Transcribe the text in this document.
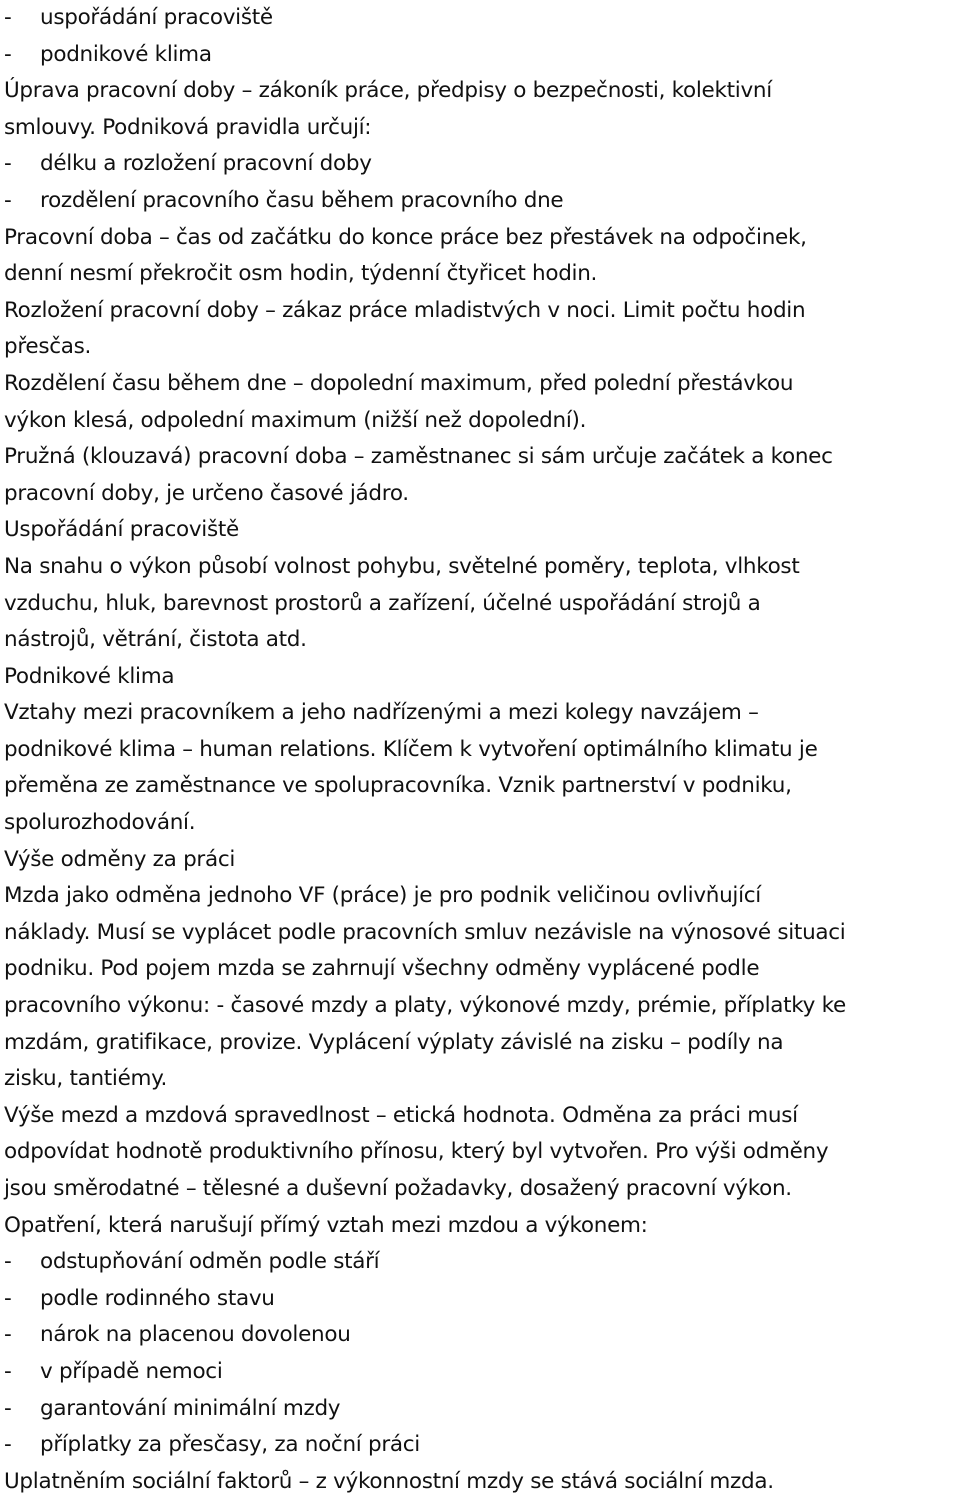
-	uspořádání pracoviště
-	podnikové klima
Úprava pracovní doby – zákoník práce, předpisy o bezpečnosti, kolektivní
smlouvy. Podniková pravidla určují:
-	délku a rozložení pracovní doby
-	rozdělení pracovního času během pracovního dne
Pracovní doba – čas od začátku do konce práce bez přestávek na odpočinek,
denní nesmí překročit osm hodin, týdenní čtyřicet hodin.
Rozložení pracovní doby – zákaz práce mladistvých v noci. Limit počtu hodin
přesčas.
Rozdělení času během dne – dopolední maximum, před polední přestávkou
výkon klesá, odpolední maximum (nižší než dopolední).
Pružná (klouzavá) pracovní doba – zaměstnanec si sám určuje začátek a konec
pracovní doby, je určeno časové jádro.
Uspořádání pracoviště
Na snahu o výkon působí volnost pohybu, světelné poměry, teplota, vlhkost
vzduchu, hluk, barevnost prostorů a zařízení, účelné uspořádání strojů a
nástrojů, větrání, čistota atd.
Podnikové klima
Vztahy mezi pracovníkem a jeho nadřízenými a mezi kolegy navzájem –
podnikové klima – human relations. Klíčem k vytvoření optimálního klimatu je
přeměna ze zaměstnance ve spolupracovníka. Vznik partnerství v podniku,
spolurozhodování.
Výše odměny za práci
Mzda jako odměna jednoho VF (práce) je pro podnik veličinou ovlivňující
náklady. Musí se vyplácet podle pracovních smluv nezávisle na výnosové situaci
podniku. Pod pojem mzda se zahrnují všechny odměny vyplácené podle
pracovního výkonu: - časové mzdy a platy, výkonové mzdy, prémie, příplatky ke
mzdám, gratifikace, provize. Vyplácení výplaty závislé na zisku – podíly na
zisku, tantiémy.
Výše mezd a mzdová spravedlnost – etická hodnota. Odměna za práci musí
odpovídat hodnotě produktivního přínosu, který byl vytvořen. Pro výši odměny
jsou směrodatné – tělesné a duševní požadavky, dosažený pracovní výkon.
Opatření, která narušují přímý vztah mezi mzdou a výkonem:
-	odstupňování odměn podle stáří
-	podle rodinného stavu
-	nárok na placenou dovolenou
-	v případě nemoci
-	garantování minimální mzdy
-	příplatky za přesčasy, za noční práci
Uplatněním sociální faktorů – z výkonnostní mzdy se stává sociální mzda.
